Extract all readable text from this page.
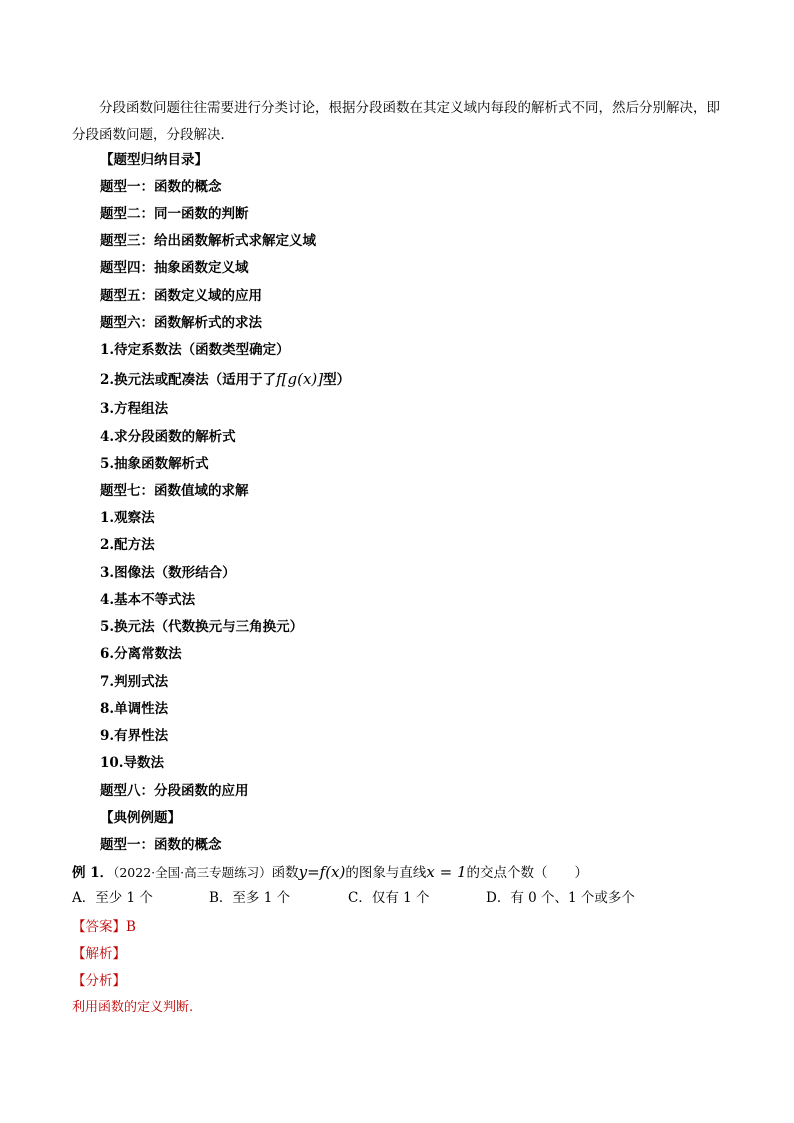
分段函数问题往往需要进行分类讨论，根据分段函数在其定义域内每段的解析式不同，然后分别解决，即分段函数问题，分段解决．

【题型归纳目录】
题型一：函数的概念
题型二：同一函数的判断
题型三：给出函数解析式求解定义域
题型四：抽象函数定义域
题型五：函数定义域的应用
题型六：函数解析式的求法
1.待定系数法（函数类型确定）
2.换元法或配凑法（适用于了f[g(x)]型）
3.方程组法
4.求分段函数的解析式
5.抽象函数解析式
题型七：函数值域的求解
1.观察法
2.配方法
3.图像法（数形结合）
4.基本不等式法
5.换元法（代数换元与三角换元）
6.分离常数法
7.判别式法
8.单调性法
9.有界性法
10.导数法
题型八：分段函数的应用
【典例例题】
题型一：函数的概念
例 1．（2022·全国·高三专题练习）函数y=f(x)的图象与直线x = 1的交点个数（　　）
A．至少 1 个	B．至多 1 个	C．仅有 1 个	D．有 0 个、1 个或多个
【答案】B
【解析】
【分析】
利用函数的定义判断.
